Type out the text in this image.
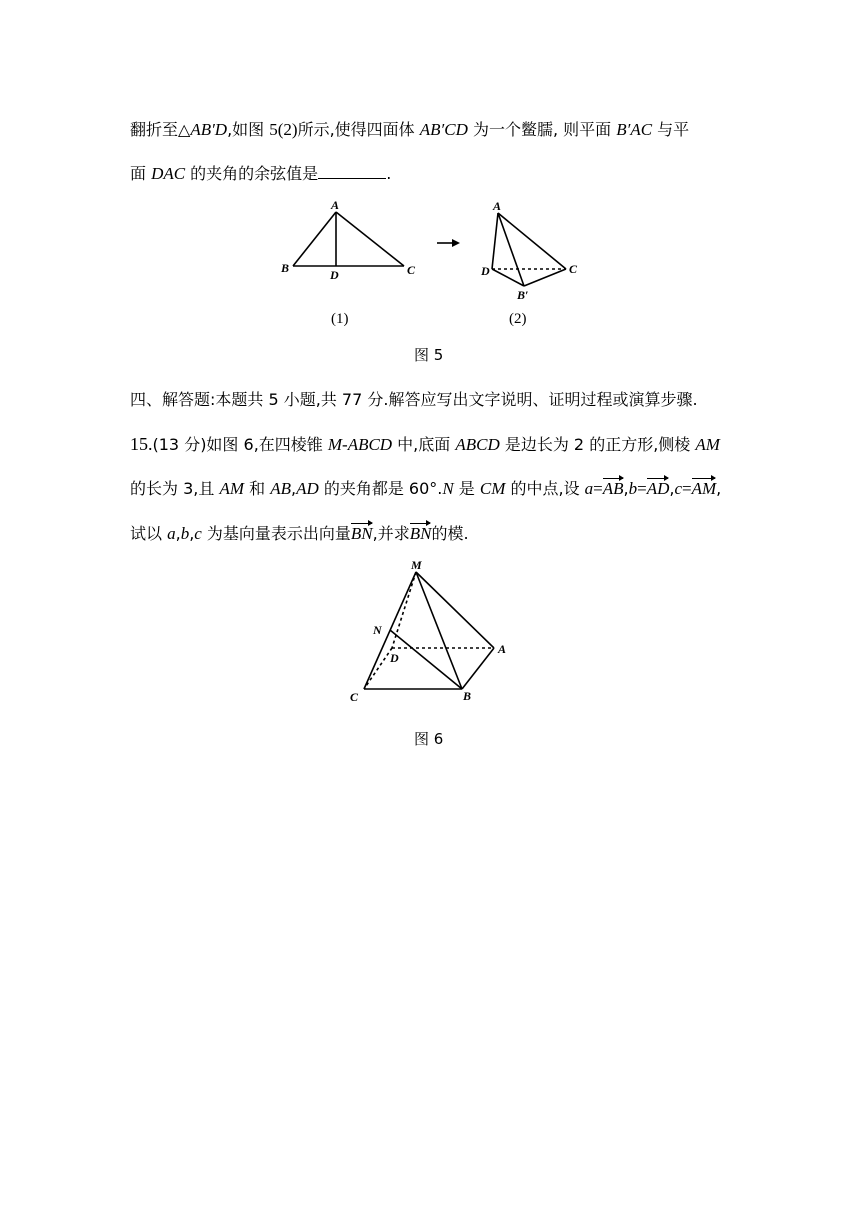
翻折至△AB′D,如图 5(2)所示,使得四面体 AB′CD 为一个鳖臑, 则平面 B′AC 与平
面 DAC 的夹角的余弦值是	.
A
B	D	C
A
D	C
B′
(1)	(2)
图 5
四、解答题:本题共 5 小题,共 77 分.解答应写出文字说明、证明过程或演算步骤.
15.(13 分)如图 6,在四棱锥 M-ABCD 中,底面 ABCD 是边长为 2 的正方形,侧棱 AM
的长为 3,且 AM 和 AB,AD 的夹角都是 60°.N 是 CM 的中点,设 a=AB,b=AD,c=AM,
试以 a,b,c 为基向量表示出向量BN,并求BN的模.
M
N
D
A
C	B
图 6
